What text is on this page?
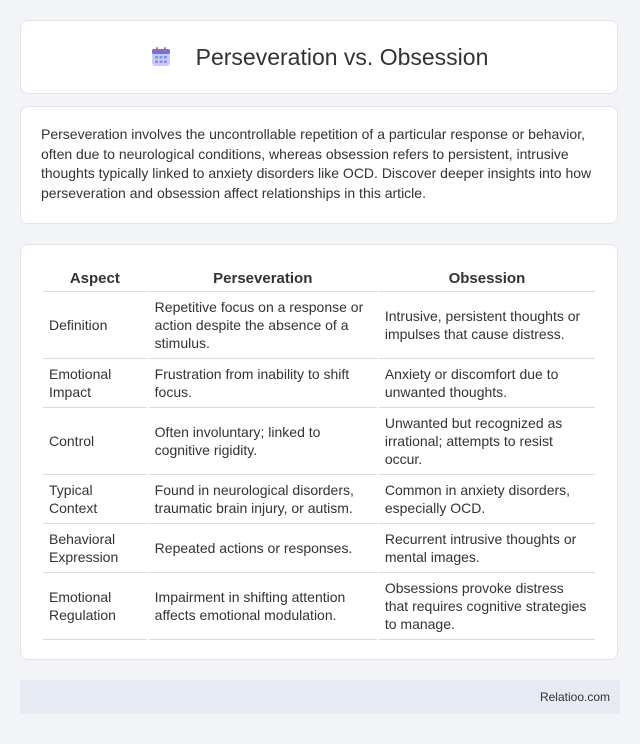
Perseveration vs. Obsession

Perseveration involves the uncontrollable repetition of a particular response or behavior, often due to neurological conditions, whereas obsession refers to persistent, intrusive thoughts typically linked to anxiety disorders like OCD. Discover deeper insights into how perseveration and obsession affect relationships in this article.

Aspect	Perseveration	Obsession
Definition	Repetitive focus on a response or action despite the absence of a stimulus.	Intrusive, persistent thoughts or impulses that cause distress.
Emotional Impact	Frustration from inability to shift focus.	Anxiety or discomfort due to unwanted thoughts.
Control	Often involuntary; linked to cognitive rigidity.	Unwanted but recognized as irrational; attempts to resist occur.
Typical Context	Found in neurological disorders, traumatic brain injury, or autism.	Common in anxiety disorders, especially OCD.
Behavioral Expression	Repeated actions or responses.	Recurrent intrusive thoughts or mental images.
Emotional Regulation	Impairment in shifting attention affects emotional modulation.	Obsessions provoke distress that requires cognitive strategies to manage.
Relatioo.com
